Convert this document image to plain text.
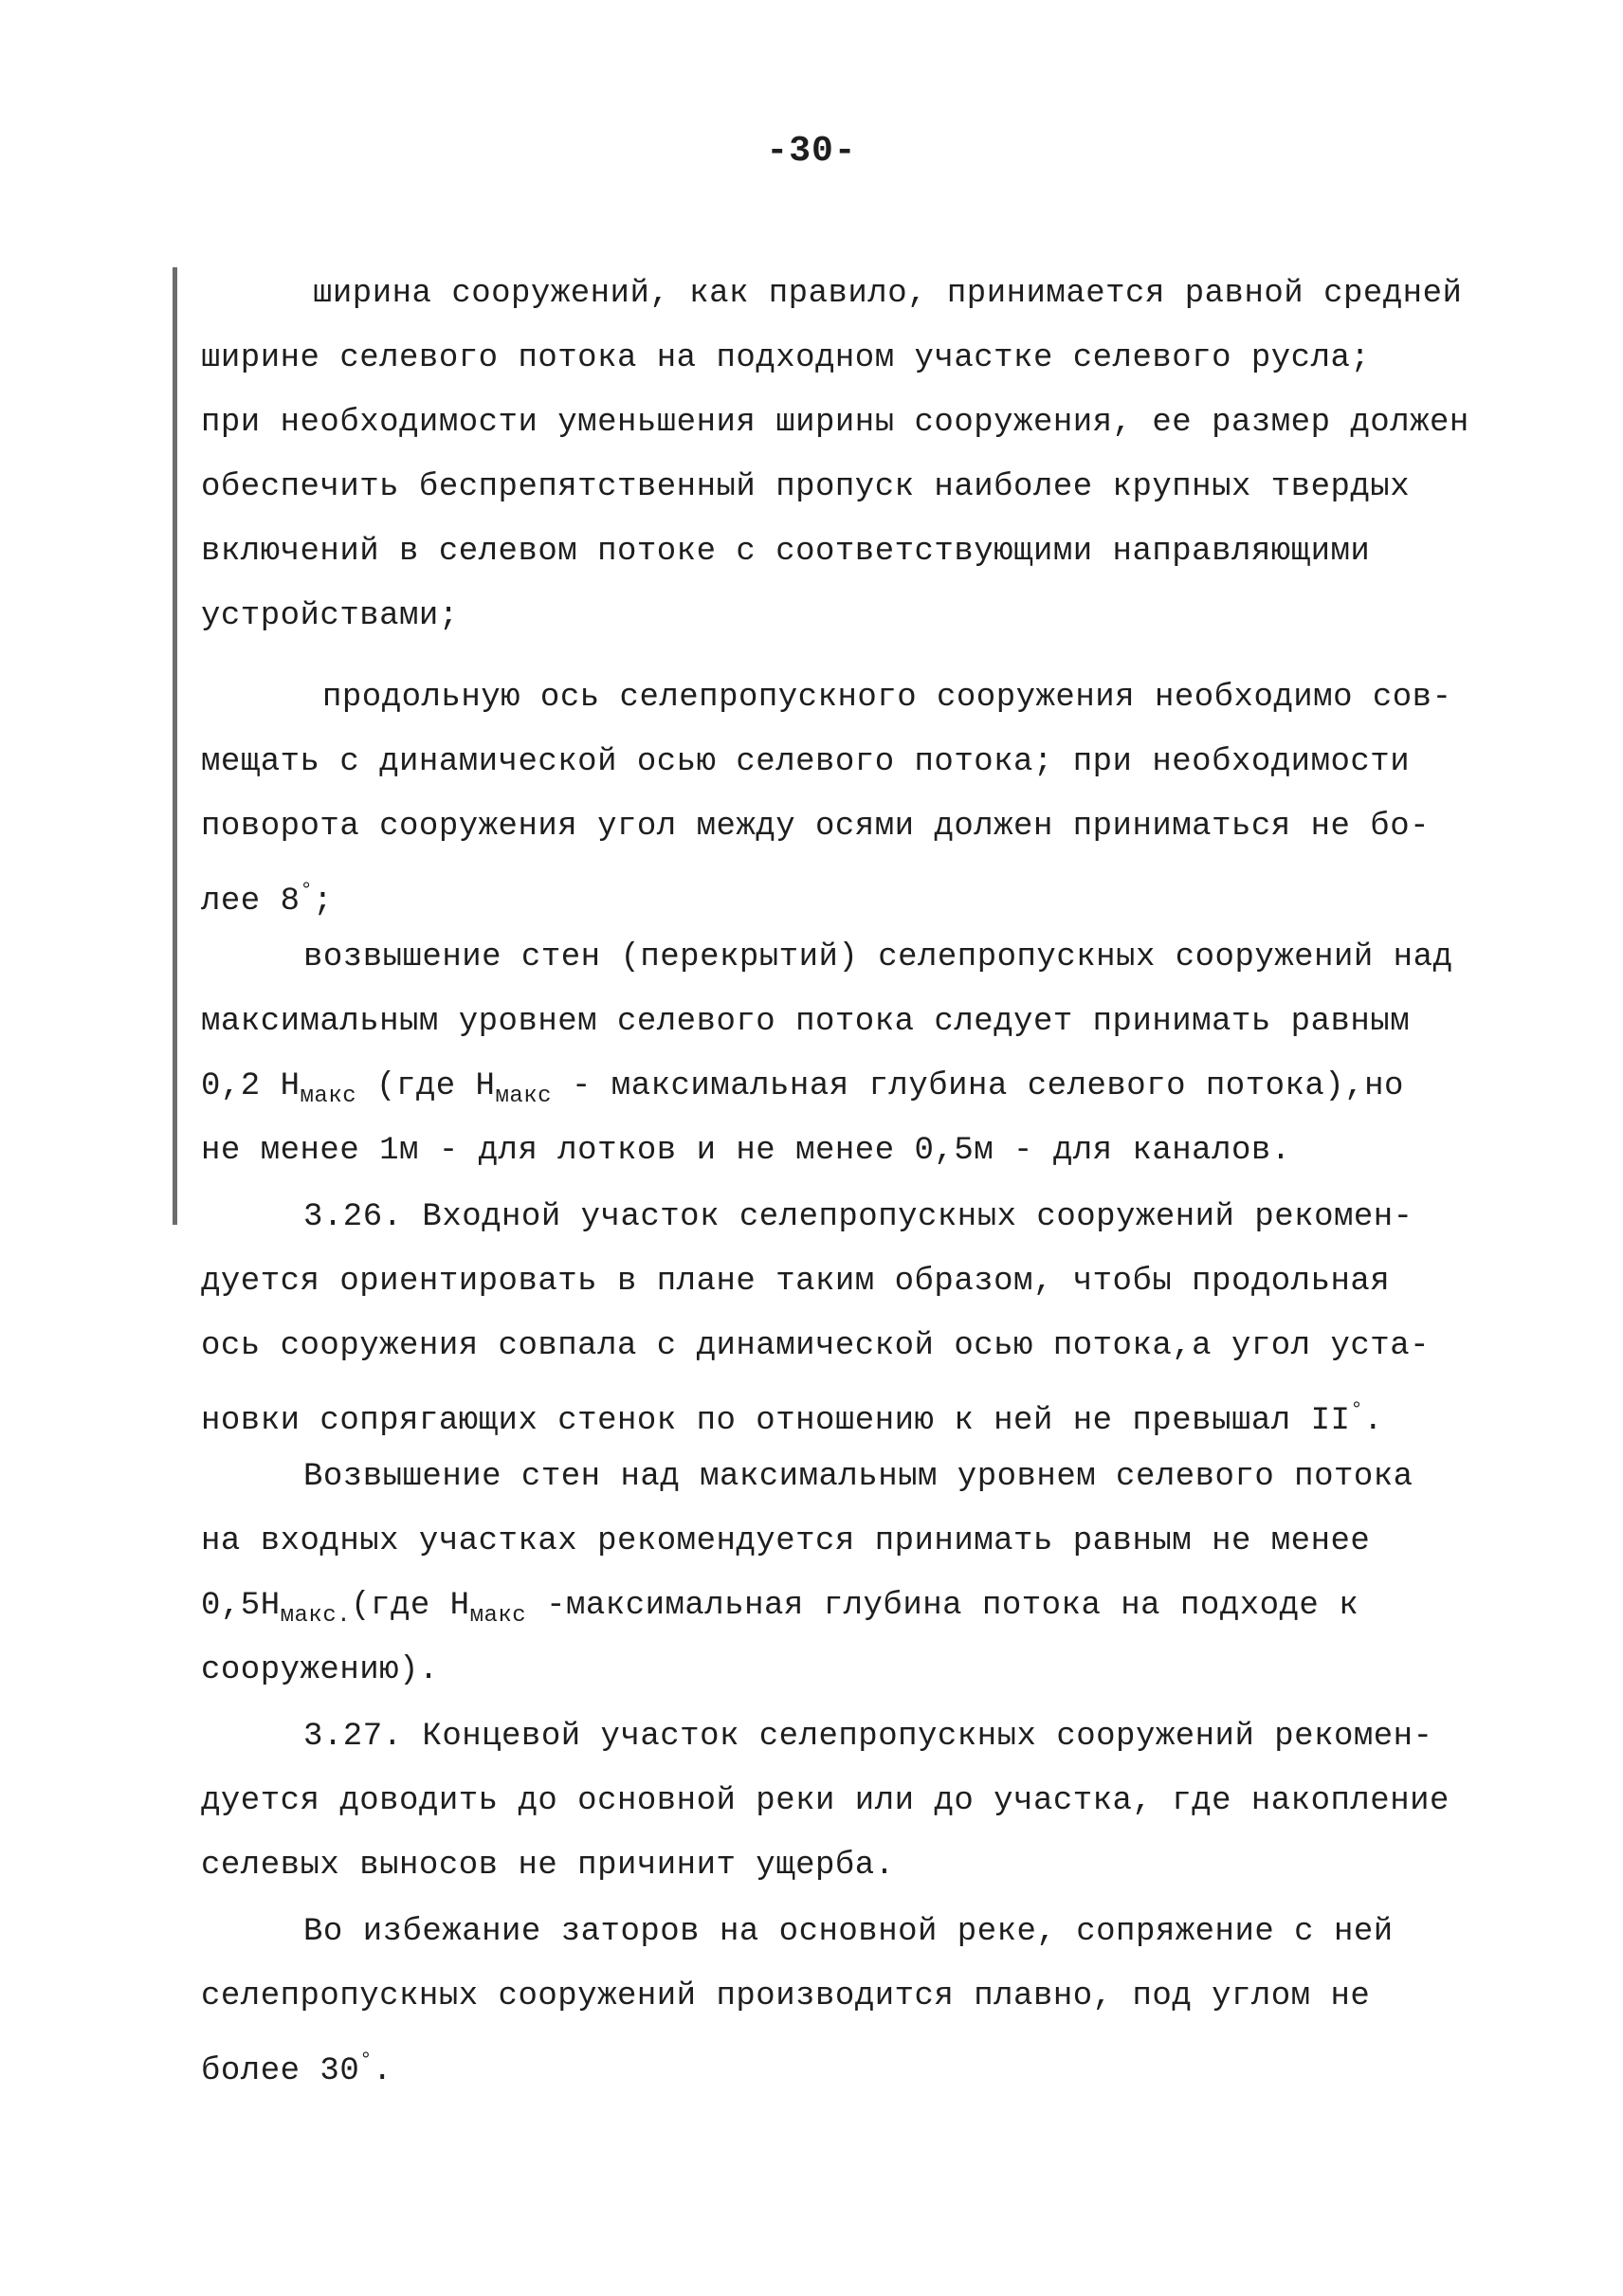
-30-
ширина сооружений, как правило, принимается равной средней
ширине селевого потока на подходном участке селевого русла;
при необходимости уменьшения ширины сооружения, ее размер должен
обеспечить беспрепятственный пропуск наиболее крупных твердых
включений в селевом потоке с соответствующими направляющими
устройствами;
продольную ось селепропускного сооружения необходимо сов-
мещать с динамической осью селевого потока; при необходимости
поворота сооружения угол между осями должен приниматься не бо-
лее 8°;
возвышение стен (перекрытий) селепропускных сооружений над
максимальным уровнем селевого потока следует принимать равным
0,2 $H_{макс}$ (где $H_{макс}$ - максимальная глубина селевого потока),но
не менее 1м - для лотков и не менее 0,5м - для каналов.
3.26. Входной участок селепропускных сооружений рекомен-
дуется ориентировать в плане таким образом, чтобы продольная
ось сооружения совпала с динамической осью потока,а угол уста-
новки сопрягающих стенок по отношению к ней не превышал II°.
Возвышение стен над максимальным уровнем селевого потока
на входных участках рекомендуется принимать равным не менее
$0,5H_{макс.}(где$ $H_{макс}$ -максимальная глубина потока на подходе к
сооружению).
3.27. Концевой участок селепропускных сооружений рекомен-
дуется доводить до основной реки или до участка, где накопление
селевых выносов не причинит ущерба.
Во избежание заторов на основной реке, сопряжение с ней
селепропускных сооружений производится плавно, под углом не
более 30°.
